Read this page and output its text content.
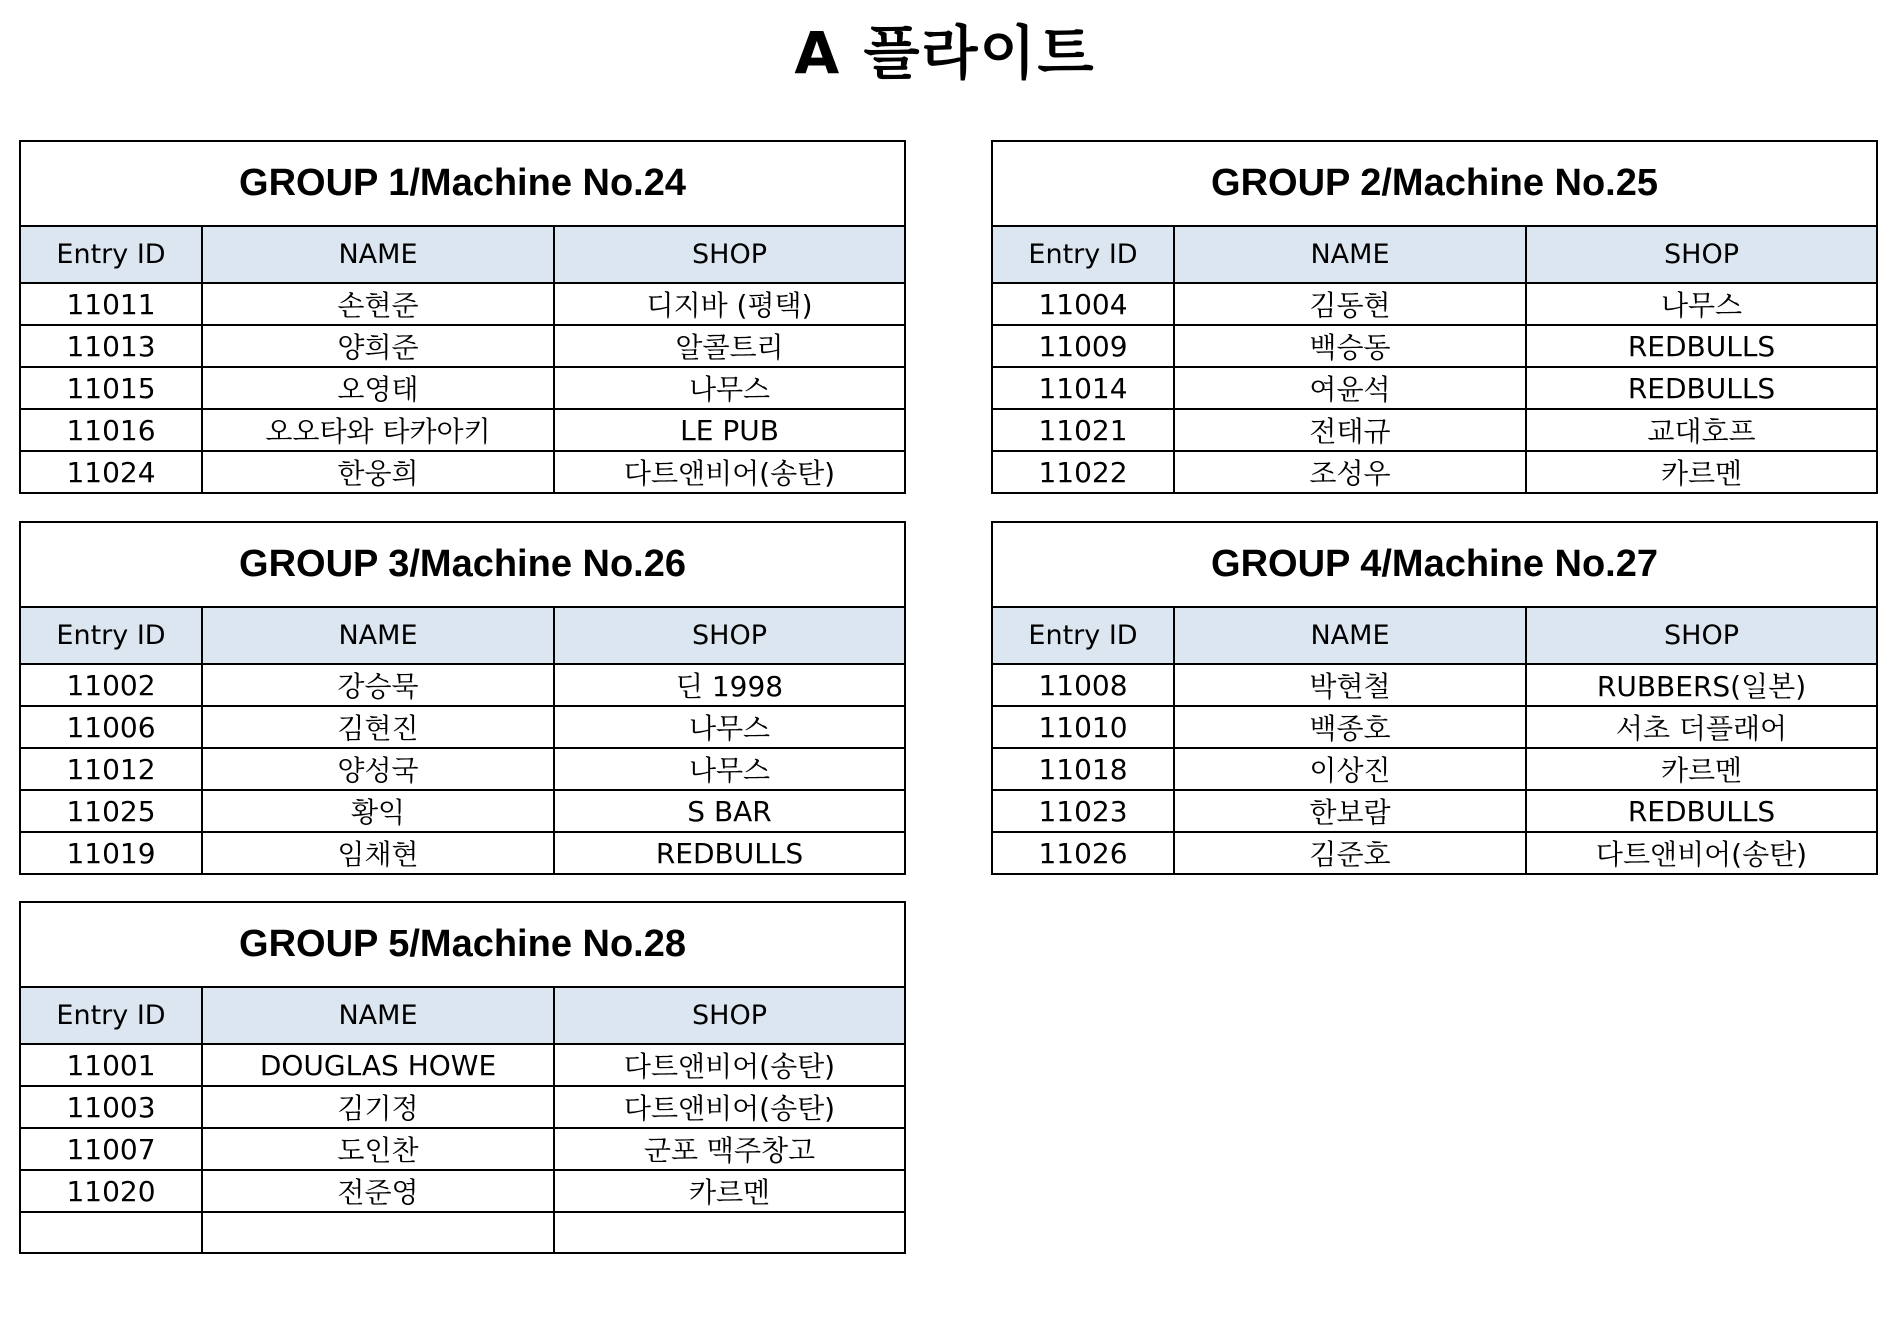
A 플라이트
GROUP 1/Machine No.24		
Entry ID	NAME	SHOP
11011	손현준	디지바 (평택)
11013	양희준	알콜트리
11015	오영태	나무스
11016	오오타와 타카아키	LE PUB
11024	한웅희	다트앤비어(송탄)
GROUP 2/Machine No.25		
Entry ID	NAME	SHOP
11004	김동현	나무스
11009	백승동	REDBULLS
11014	여윤석	REDBULLS
11021	전태규	교대호프
11022	조성우	카르멘
GROUP 3/Machine No.26		
Entry ID	NAME	SHOP
11002	강승묵	딘 1998
11006	김현진	나무스
11012	양성국	나무스
11025	황익	S BAR
11019	임채현	REDBULLS
GROUP 4/Machine No.27		
Entry ID	NAME	SHOP
11008	박현철	RUBBERS(일본)
11010	백종호	서초 더플래어
11018	이상진	카르멘
11023	한보람	REDBULLS
11026	김준호	다트앤비어(송탄)
GROUP 5/Machine No.28		
Entry ID	NAME	SHOP
11001	DOUGLAS HOWE	다트앤비어(송탄)
11003	김기정	다트앤비어(송탄)
11007	도인찬	군포 맥주창고
11020	전준영	카르멘
